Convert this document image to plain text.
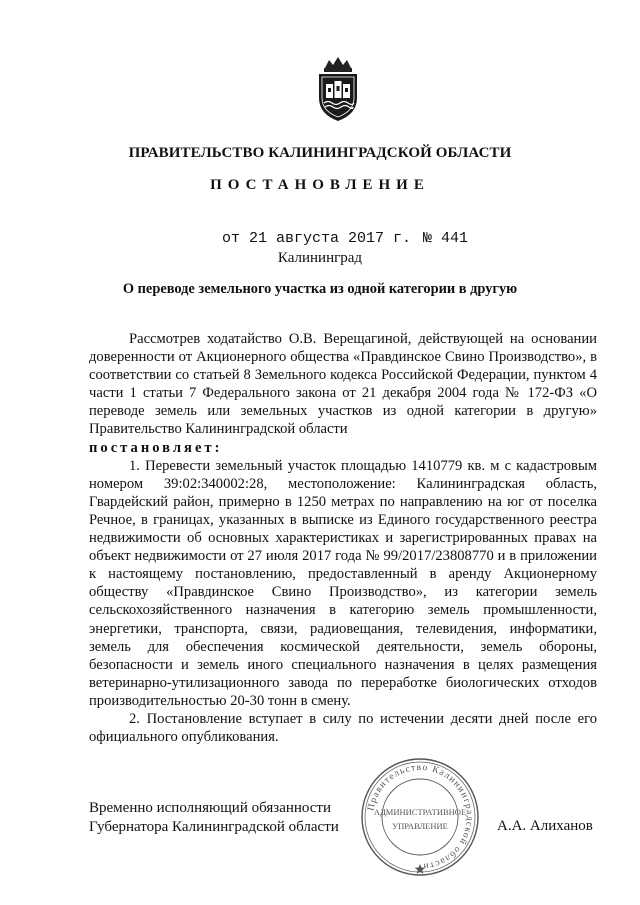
ПРАВИТЕЛЬСТВО КАЛИНИНГРАДСКОЙ ОБЛАСТИ
ПОСТАНОВЛЕНИЕ
от 21 августа 2017 г. № 441
Калининград
О переводе земельного участка из одной категории в другую

Рассмотрев ходатайство О.В. Верещагиной, действующей на основании доверенности от Акционерного общества «Правдинское Свино Производство», в соответствии со статьей 8 Земельного кодекса Российской Федерации, пунктом 4 части 1 статьи 7 Федерального закона от 21 декабря 2004 года № 172-ФЗ «О переводе земель или земельных участков из одной категории в другую» Правительство Калининградской области
постановляет:

1. Перевести земельный участок площадью 1410779 кв. м с кадастровым номером 39:02:340002:28, местоположение: Калининградская область, Гвардейский район, примерно в 1250 метрах по направлению на юг от поселка Речное, в границах, указанных в выписке из Единого государственного реестра недвижимости об основных характеристиках и зарегистрированных правах на объект недвижимости от 27 июля 2017 года № 99/2017/23808770 и в приложении к настоящему постановлению, предоставленный в аренду Акционерному обществу «Правдинское Свино Производство», из категории земель сельскохозяйственного назначения в категорию земель промышленности, энергетики, транспорта, связи, радиовещания, телевидения, информатики, земель для обеспечения космической деятельности, земель обороны, безопасности и земель иного специального назначения в целях размещения ветеринарно-утилизационного завода по переработке биологических отходов производительностью 20-30 тонн в смену.

2. Постановление вступает в силу по истечении десяти дней после его официального опубликования.

Временно исполняющий обязанности
Губернатора Калининградской области	А.А. Алиханов
Правительство Калининградской области
АДМИНИСТРАТИВНОЕ
УПРАВЛЕНИЕ
